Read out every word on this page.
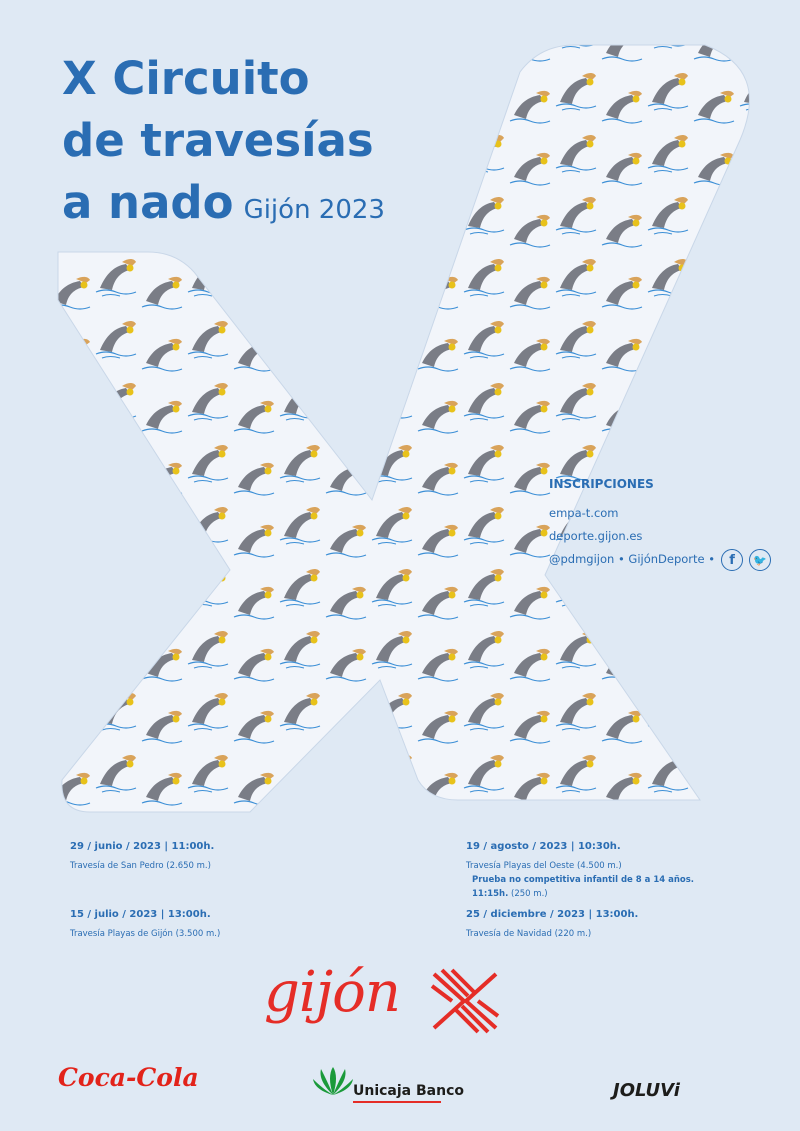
X Circuito
de travesías
a nado Gijón 2023
INSCRIPCIONES
empa-t.com
deporte.gijon.es
@pdmgijon • GijónDeporte •	f	🐦
29 / junio / 2023 | 11:00h.
Travesía de San Pedro (2.650 m.)
15 / julio / 2023 | 13:00h.
Travesía Playas de Gijón (3.500 m.)
19 / agosto / 2023 | 10:30h.
Travesía Playas del Oeste (4.500 m.)
Prueba no competitiva infantil de 8 a 14 años.
11:15h. (250 m.)
25 / diciembre / 2023 | 13:00h.
Travesía de Navidad (220 m.)
gijón
Coca-Cola	Unicaja Banco	JOLUVi
